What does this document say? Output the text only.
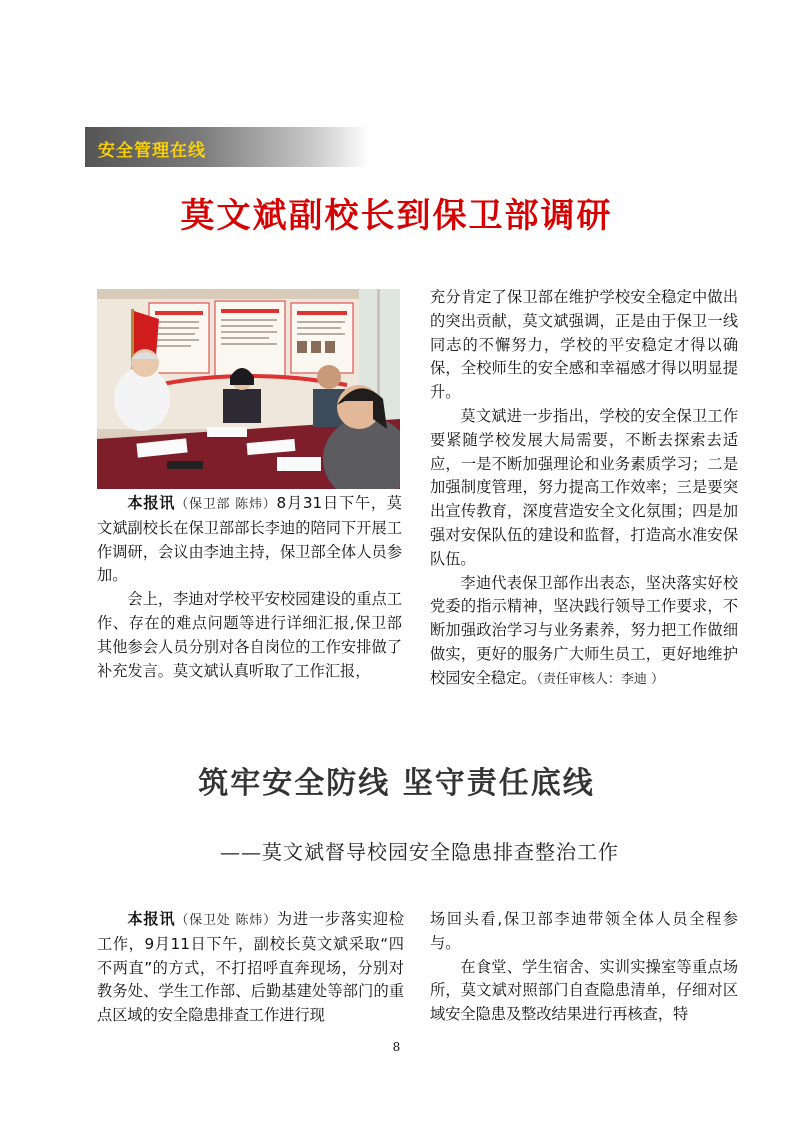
安全管理在线
莫文斌副校长到保卫部调研

本报讯（保卫部 陈炜）8月31日下午，莫文斌副校长在保卫部部长李迪的陪同下开展工作调研，会议由李迪主持，保卫部全体人员参加。

会上，李迪对学校平安校园建设的重点工作、存在的难点问题等进行详细汇报,保卫部其他参会人员分别对各自岗位的工作安排做了补充发言。莫文斌认真听取了工作汇报，

充分肯定了保卫部在维护学校安全稳定中做出的突出贡献，莫文斌强调，正是由于保卫一线同志的不懈努力，学校的平安稳定才得以确保，全校师生的安全感和幸福感才得以明显提升。

莫文斌进一步指出，学校的安全保卫工作要紧随学校发展大局需要，不断去探索去适应，一是不断加强理论和业务素质学习；二是加强制度管理，努力提高工作效率；三是要突出宣传教育，深度营造安全文化氛围；四是加强对安保队伍的建设和监督，打造高水准安保队伍。

李迪代表保卫部作出表态，坚决落实好校党委的指示精神，坚决践行领导工作要求，不断加强政治学习与业务素养，努力把工作做细做实，更好的服务广大师生员工，更好地维护校园安全稳定。（责任审核人：李迪 ）

筑牢安全防线 坚守责任底线
——莫文斌督导校园安全隐患排查整治工作

本报讯（保卫处 陈炜）为进一步落实迎检工作，9月11日下午，副校长莫文斌采取“四不两直”的方式，不打招呼直奔现场，分别对教务处、学生工作部、后勤基建处等部门的重点区域的安全隐患排查工作进行现

场回头看,保卫部李迪带领全体人员全程参与。

在食堂、学生宿舍、实训实操室等重点场所，莫文斌对照部门自查隐患清单，仔细对区域安全隐患及整改结果进行再核查，特

8
